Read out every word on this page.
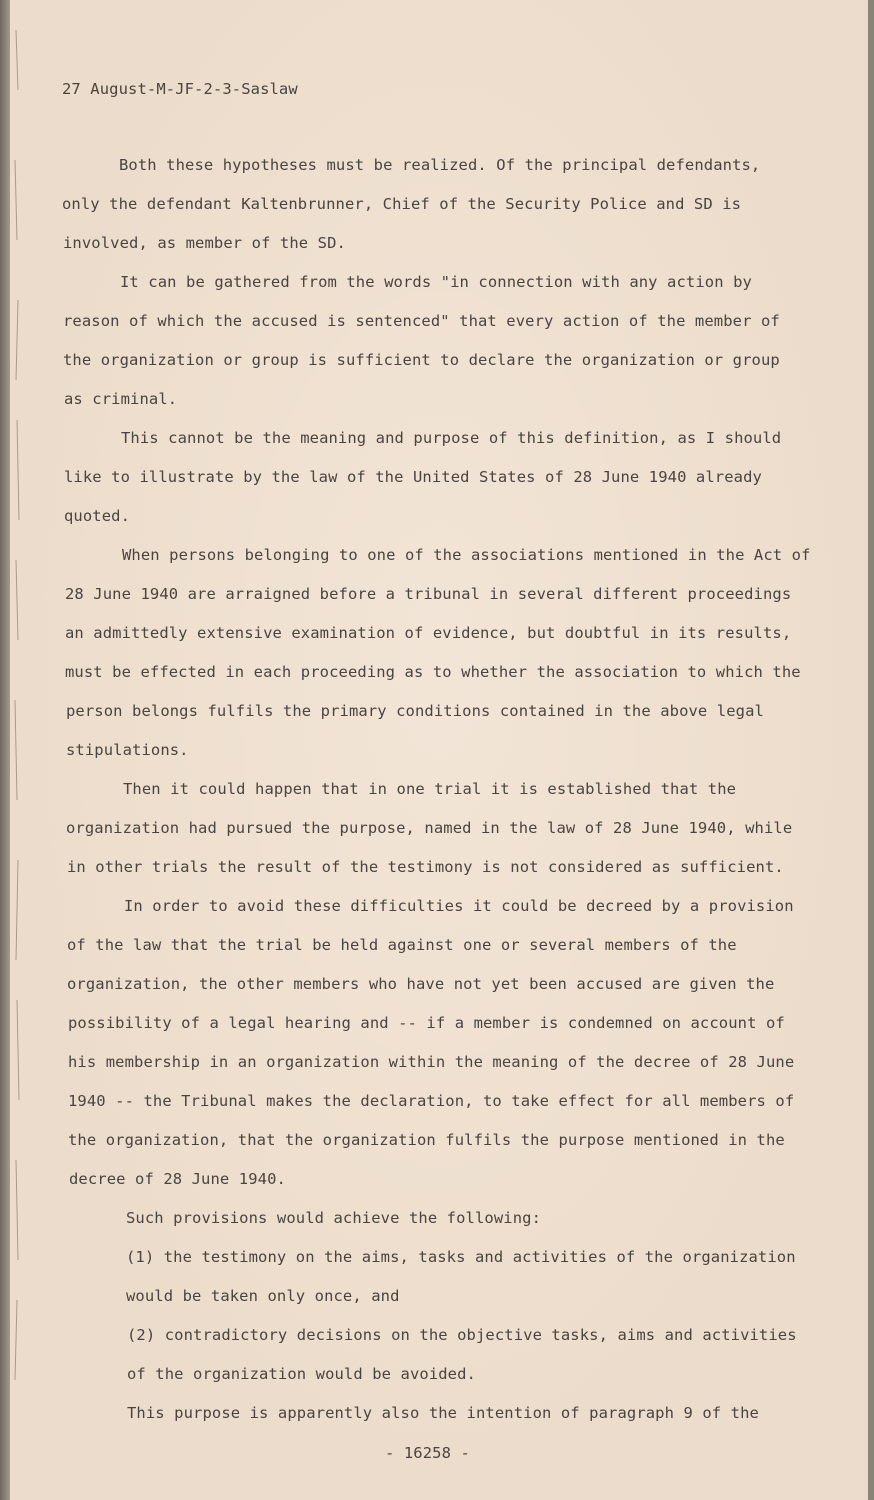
27 August-M-JF-2-3-Saslaw

Both these hypotheses must be realized. Of the principal defendants,
only the defendant Kaltenbrunner, Chief of the Security Police and SD is
involved, as member of the SD.
It can be gathered from the words "in connection with any action by
reason of which the accused is sentenced" that every action of the member of
the organization or group is sufficient to declare the organization or group
as criminal.
This cannot be the meaning and purpose of this definition, as I should
like to illustrate by the law of the United States of 28 June 1940 already
quoted.
When persons belonging to one of the associations mentioned in the Act of
28 June 1940 are arraigned before a tribunal in several different proceedings
an admittedly extensive examination of evidence, but doubtful in its results,
must be effected in each proceeding as to whether the association to which the
person belongs fulfils the primary conditions contained in the above legal
stipulations.
Then it could happen that in one trial it is established that the
organization had pursued the purpose, named in the law of 28 June 1940, while
in other trials the result of the testimony is not considered as sufficient.
In order to avoid these difficulties it could be decreed by a provision
of the law that the trial be held against one or several members of the
organization, the other members who have not yet been accused are given the
possibility of a legal hearing and -- if a member is condemned on account of
his membership in an organization within the meaning of the decree of 28 June
1940 -- the Tribunal makes the declaration, to take effect for all members of
the organization, that the organization fulfils the purpose mentioned in the
decree of 28 June 1940.
Such provisions would achieve the following:
(1) the testimony on the aims, tasks and activities of the organization
would be taken only once, and
(2) contradictory decisions on the objective tasks, aims and activities
of the organization would be avoided.
This purpose is apparently also the intention of paragraph 9 of the

- 16258 -
